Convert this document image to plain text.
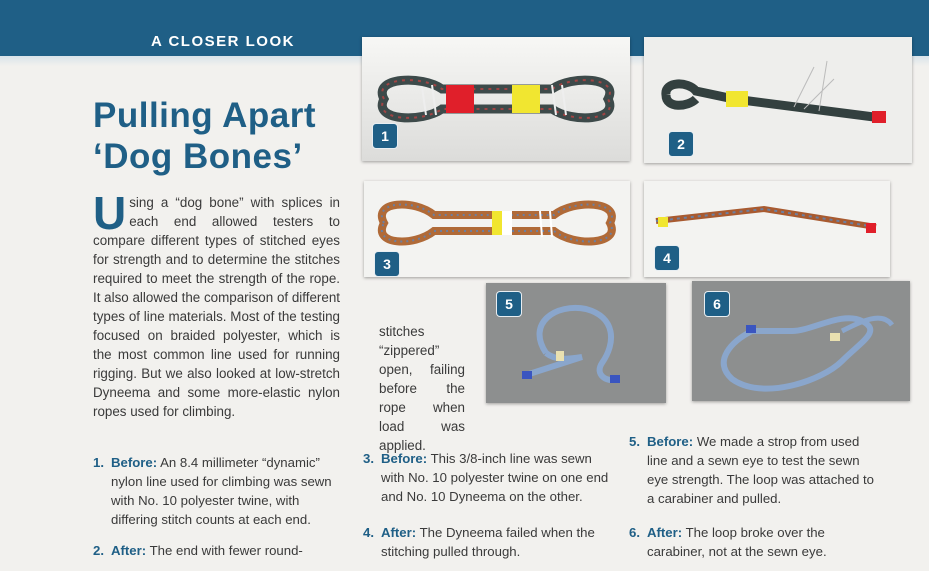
A CLOSER LOOK
Pulling Apart
‘Dog Bones’

Using a “dog bone” with splices in each end allowed testers to compare different types of stitched eyes for strength and to determine the stitches required to meet the strength of the rope. It also allowed the comparison of different types of line materials. Most of the testing focused on braided polyester, which is the most common line used for running rigging. But we also looked at low-stretch Dyneema and some more-elastic nylon ropes used for climbing.

stitches “zippered” open, failing before the rope when load was applied.

1	2
3	4
5	6
1. Before: An 8.4 millimeter “dynamic” nylon line used for climbing was sewn with No. 10 polyester twine, with differing stitch counts at each end.
2. After: The end with fewer round-
3. Before: This 3/8-inch line was sewn with No. 10 polyester twine on one end and No. 10 Dyneema on the other.
4. After: The Dyneema failed when the stitching pulled through.
5. Before: We made a strop from used line and a sewn eye to test the sewn eye strength. The loop was attached to a carabiner and pulled.
6. After: The loop broke over the carabiner, not at the sewn eye.
